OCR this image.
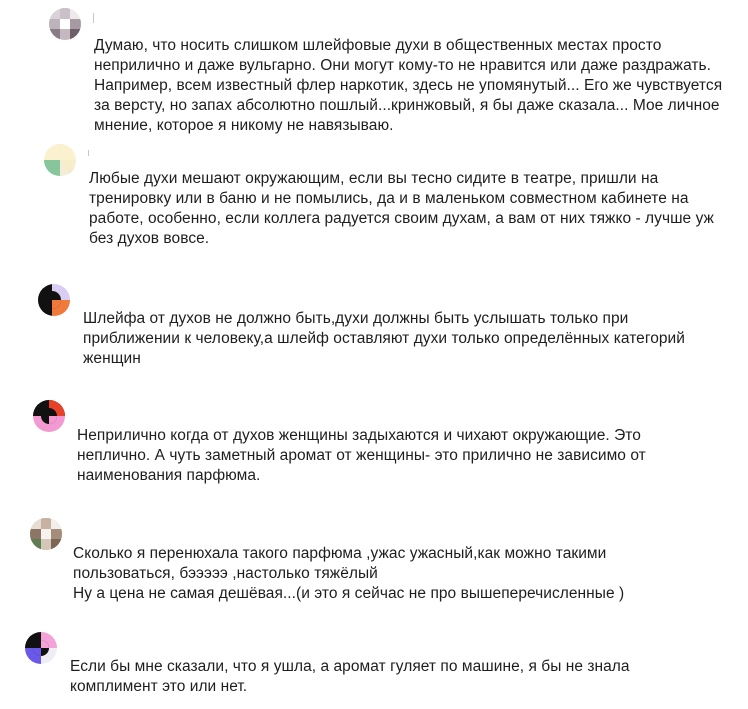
Думаю, что носить слишком шлейфовые духи в общественных местах просто
неприлично и даже вульгарно. Они могут кому-то не нравится или даже раздражать.
Например, всем известный флер наркотик, здесь не упомянутый... Его же чувствуется
за версту, но запах абсолютно пошлый...кринжовый, я бы даже сказала... Мое личное
мнение, которое я никому не навязываю.
Любые духи мешают окружающим, если вы тесно сидите в театре, пришли на
тренировку или в баню и не помылись, да и в маленьком совместном кабинете на
работе, особенно, если коллега радуется своим духам, а вам от них тяжко - лучше уж
без духов вовсе.
Шлейфа от духов не должно быть,духи должны быть услышать только при
приближении к человеку,а шлейф оставляют духи только определённых категорий
женщин
Неприлично когда от духов женщины задыхаются и чихают окружающие. Это
неплично. А чуть заметный аромат от женщины- это прилично не зависимо от
наименования парфюма.
Сколько я перенюхала такого парфюма ,ужас ужасный,как можно такими
пользоваться, бэээээ ,настолько тяжёлый
Ну а цена не самая дешёвая...(и это я сейчас не про вышеперечисленные )
Если бы мне сказали, что я ушла, а аромат гуляет по машине, я бы не знала
комплимент это или нет.
